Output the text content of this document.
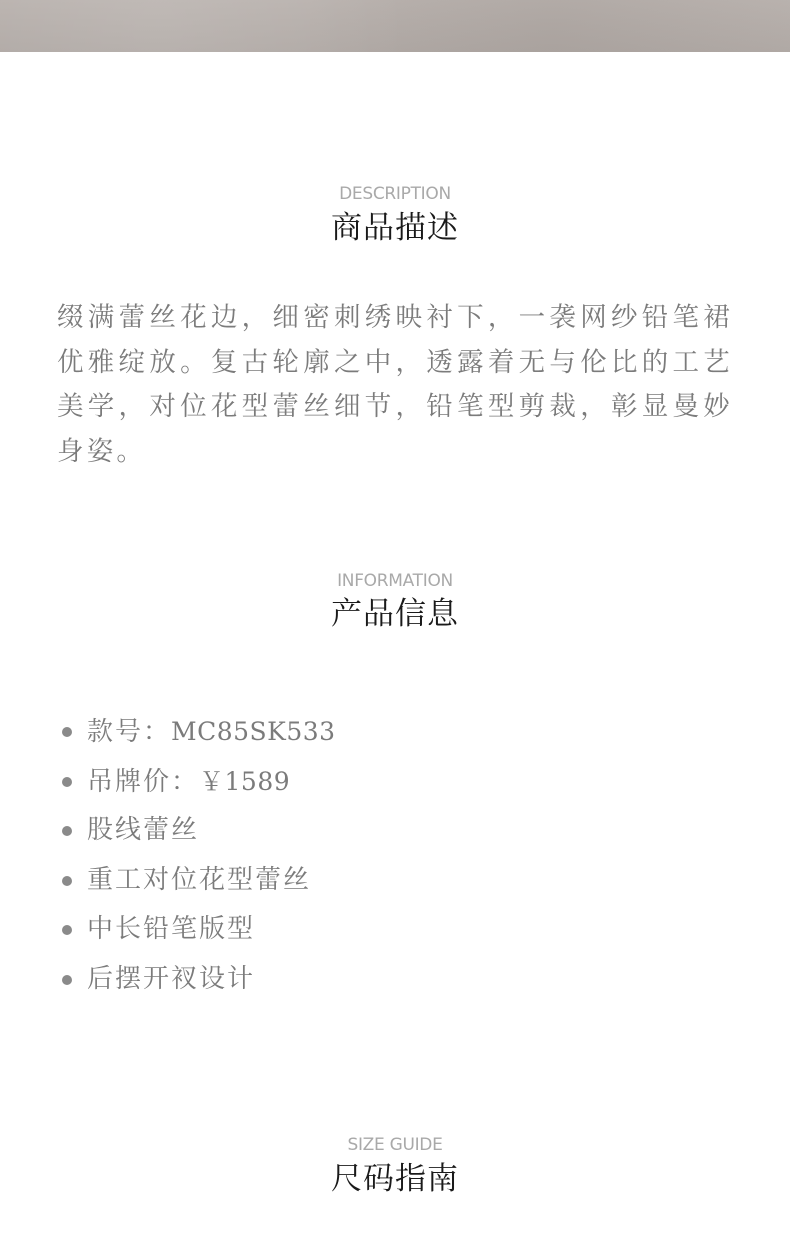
DESCRIPTION
商品描述
缀满蕾丝花边，细密刺绣映衬下，一袭网纱铅笔裙优雅绽放。复古轮廓之中，透露着无与伦比的工艺美学，对位花型蕾丝细节，铅笔型剪裁，彰显曼妙身姿。
INFORMATION
产品信息
款号：MC85SK533
吊牌价：￥1589
股线蕾丝
重工对位花型蕾丝
中长铅笔版型
后摆开衩设计
SIZE GUIDE
尺码指南
